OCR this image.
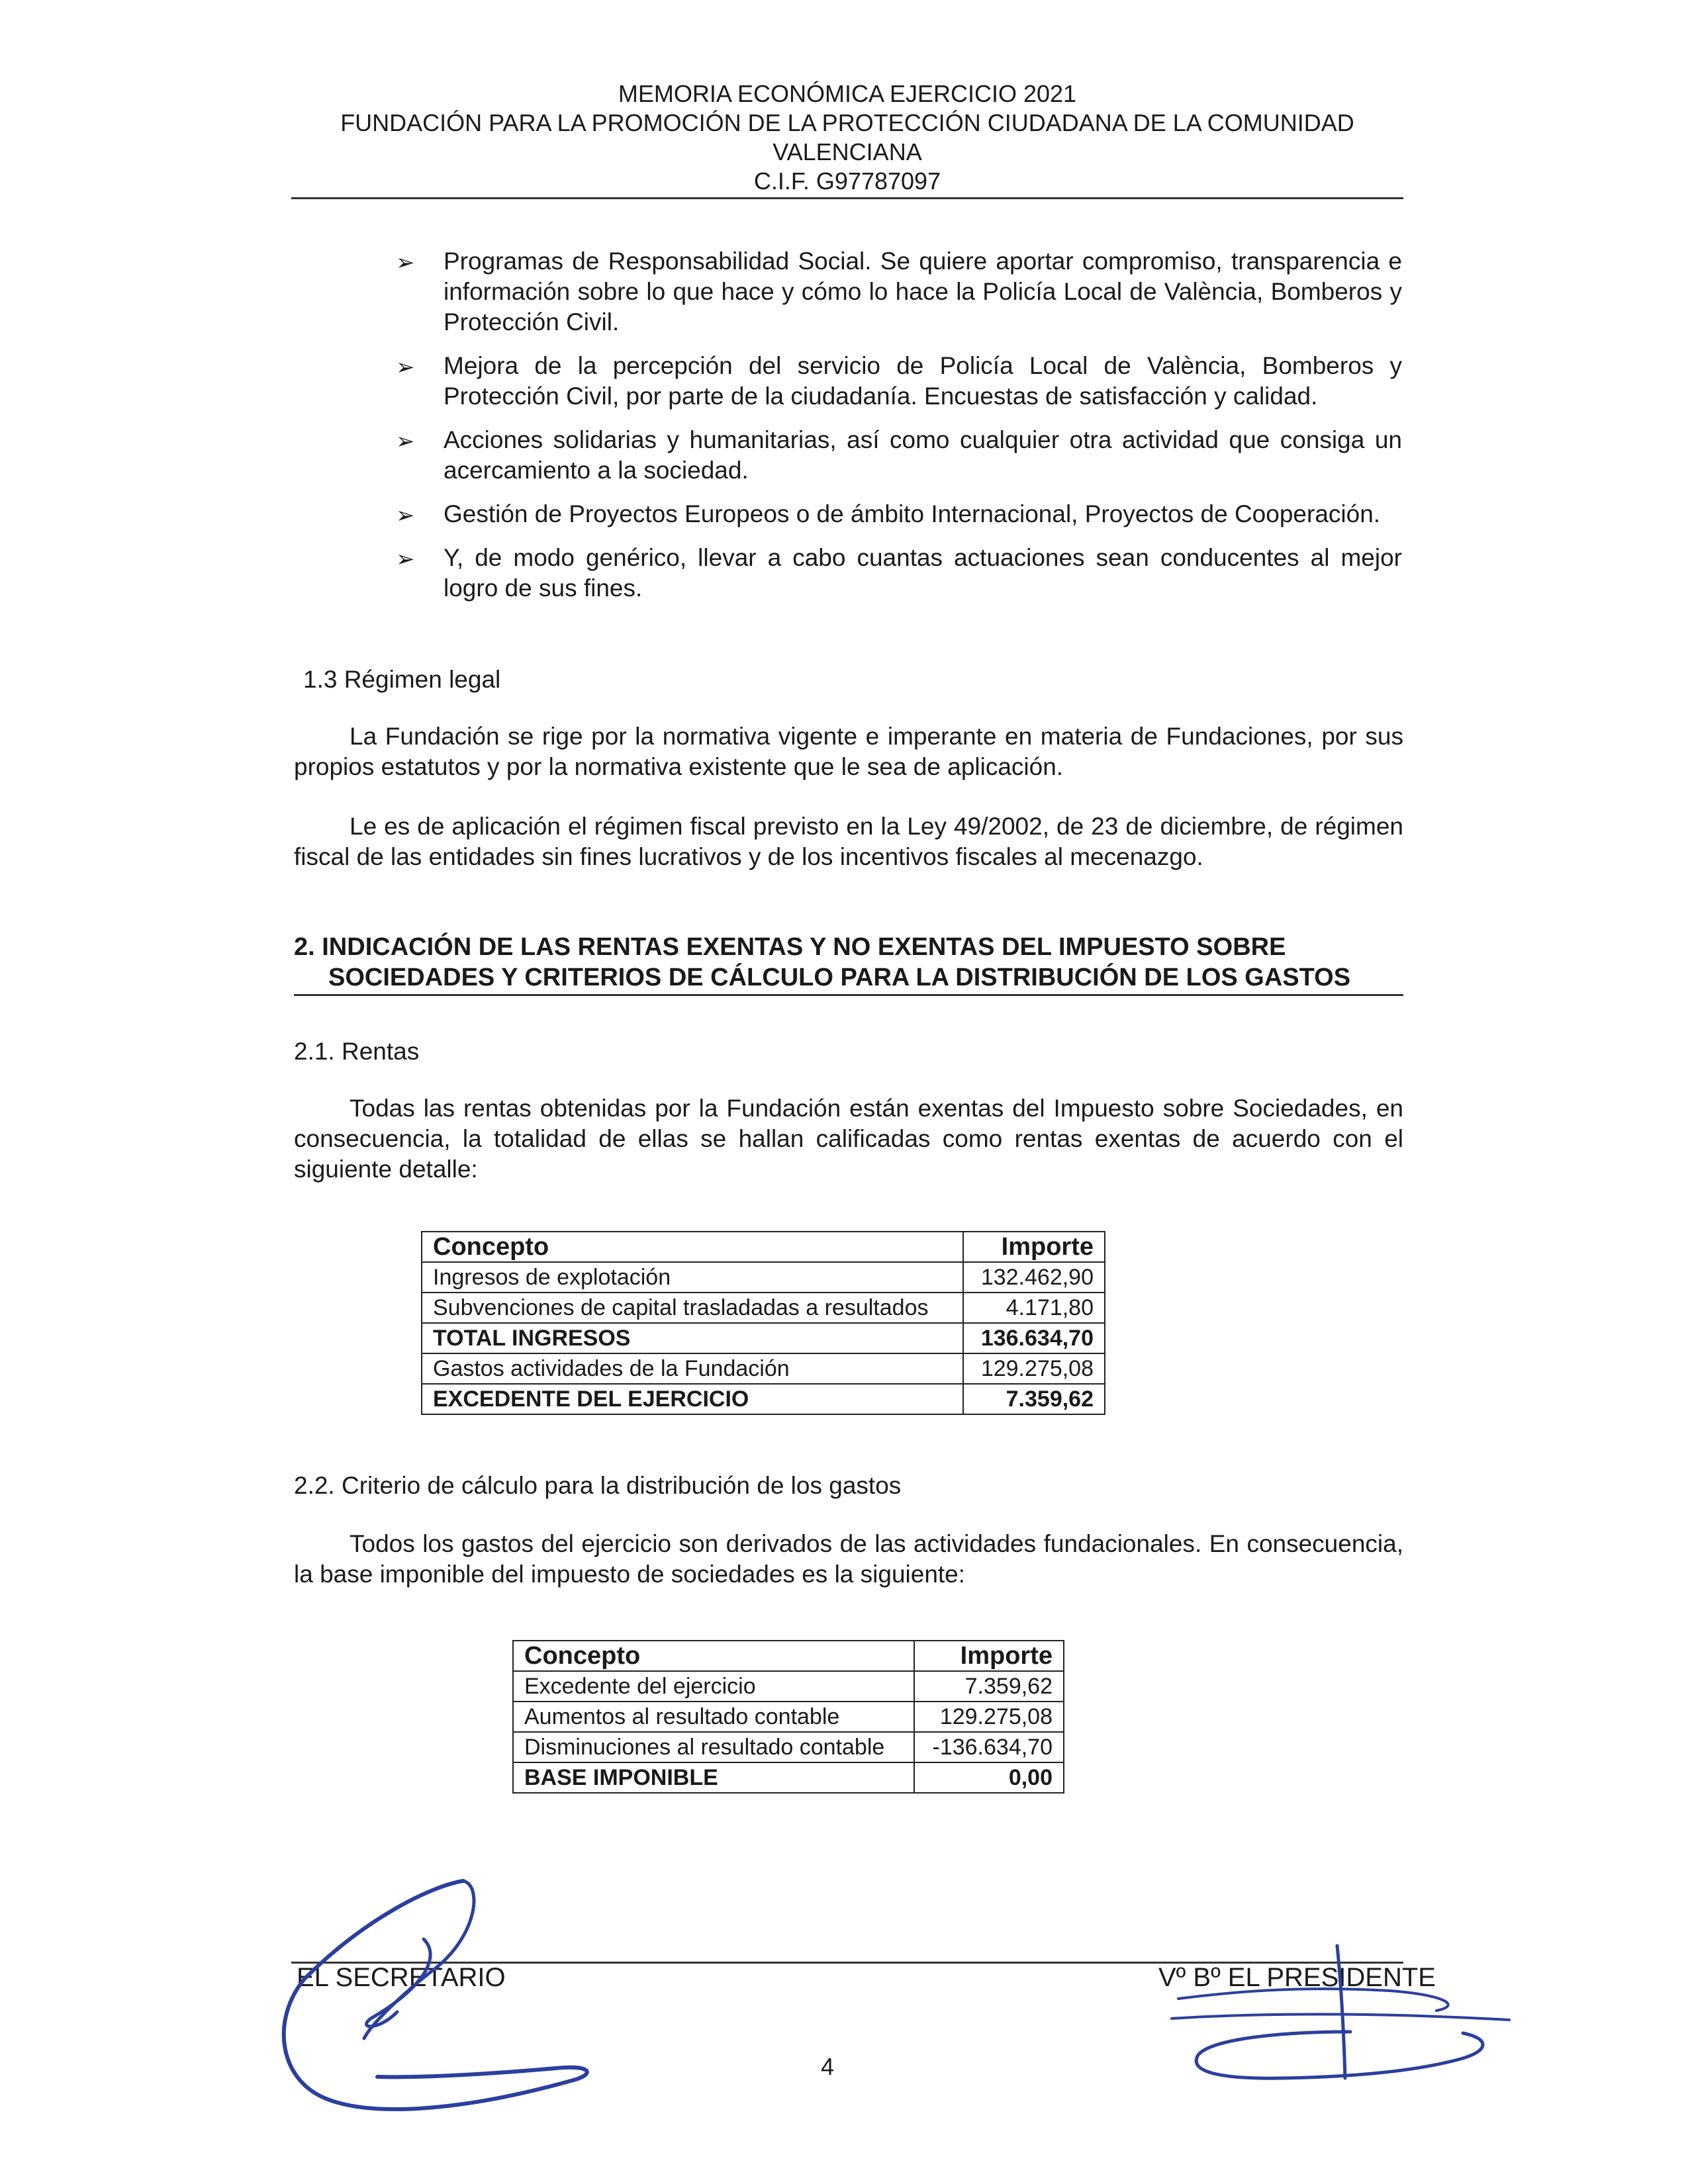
MEMORIA ECONÓMICA EJERCICIO 2021
FUNDACIÓN PARA LA PROMOCIÓN DE LA PROTECCIÓN CIUDADANA DE LA COMUNIDAD
VALENCIANA
C.I.F. G97787097
➢ Programas de Responsabilidad Social. Se quiere aportar compromiso, transparencia e información sobre lo que hace y cómo lo hace la Policía Local de València, Bomberos y Protección Civil.
➢ Mejora de la percepción del servicio de Policía Local de València, Bomberos y Protección Civil, por parte de la ciudadanía. Encuestas de satisfacción y calidad.
➢ Acciones solidarias y humanitarias, así como cualquier otra actividad que consiga un acercamiento a la sociedad.
➢ Gestión de Proyectos Europeos o de ámbito Internacional, Proyectos de Cooperación.
➢ Y, de modo genérico, llevar a cabo cuantas actuaciones sean conducentes al mejor logro de sus fines.
1.3 Régimen legal
La Fundación se rige por la normativa vigente e imperante en materia de Fundaciones, por sus propios estatutos y por la normativa existente que le sea de aplicación.
Le es de aplicación el régimen fiscal previsto en la Ley 49/2002, de 23 de diciembre, de régimen fiscal de las entidades sin fines lucrativos y de los incentivos fiscales al mecenazgo.
2. INDICACIÓN DE LAS RENTAS EXENTAS Y NO EXENTAS DEL IMPUESTO SOBRE
SOCIEDADES Y CRITERIOS DE CÁLCULO PARA LA DISTRIBUCIÓN DE LOS GASTOS
2.1. Rentas
Todas las rentas obtenidas por la Fundación están exentas del Impuesto sobre Sociedades, en consecuencia, la totalidad de ellas se hallan calificadas como rentas exentas de acuerdo con el siguiente detalle:
Concepto	Importe
Ingresos de explotación	132.462,90
Subvenciones de capital trasladadas a resultados	4.171,80
TOTAL INGRESOS	136.634,70
Gastos actividades de la Fundación	129.275,08
EXCEDENTE DEL EJERCICIO	7.359,62
2.2. Criterio de cálculo para la distribución de los gastos
Todos los gastos del ejercicio son derivados de las actividades fundacionales. En consecuencia, la base imponible del impuesto de sociedades es la siguiente:
Concepto	Importe
Excedente del ejercicio	7.359,62
Aumentos al resultado contable	129.275,08
Disminuciones al resultado contable	-136.634,70
BASE IMPONIBLE	0,00
EL SECRETARIO	Vº Bº EL PRESIDENTE
4
